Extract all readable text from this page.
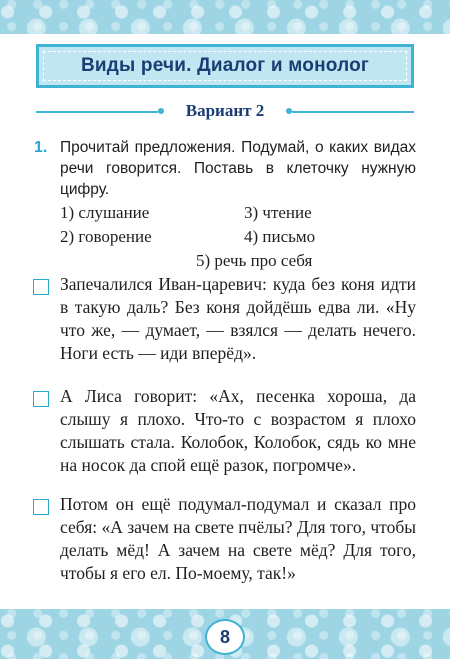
Виды речи. Диалог и монолог
Вариант 2
1. Прочитай предложения. Подумай, о каких видах речи говорится. Поставь в клеточку нужную цифру.
1) слушание	3) чтение
2) говорение	4) письмо
5) речь про себя
Запечалился Иван-царевич: куда без коня идти в такую даль? Без коня дойдёшь едва ли. «Ну что же, — думает, — взялся — делать нечего. Ноги есть — иди вперёд».
А Лиса говорит: «Ах, песенка хороша, да слышу я плохо. Что-то с возрастом я плохо слышать стала. Колобок, Колобок, сядь ко мне на носок да спой ещё разок, погромче».
Потом он ещё подумал-подумал и сказал про себя: «А зачем на свете пчёлы? Для того, чтобы делать мёд! А зачем на свете мёд? Для того, чтобы я его ел. По-моему, так!»
8
